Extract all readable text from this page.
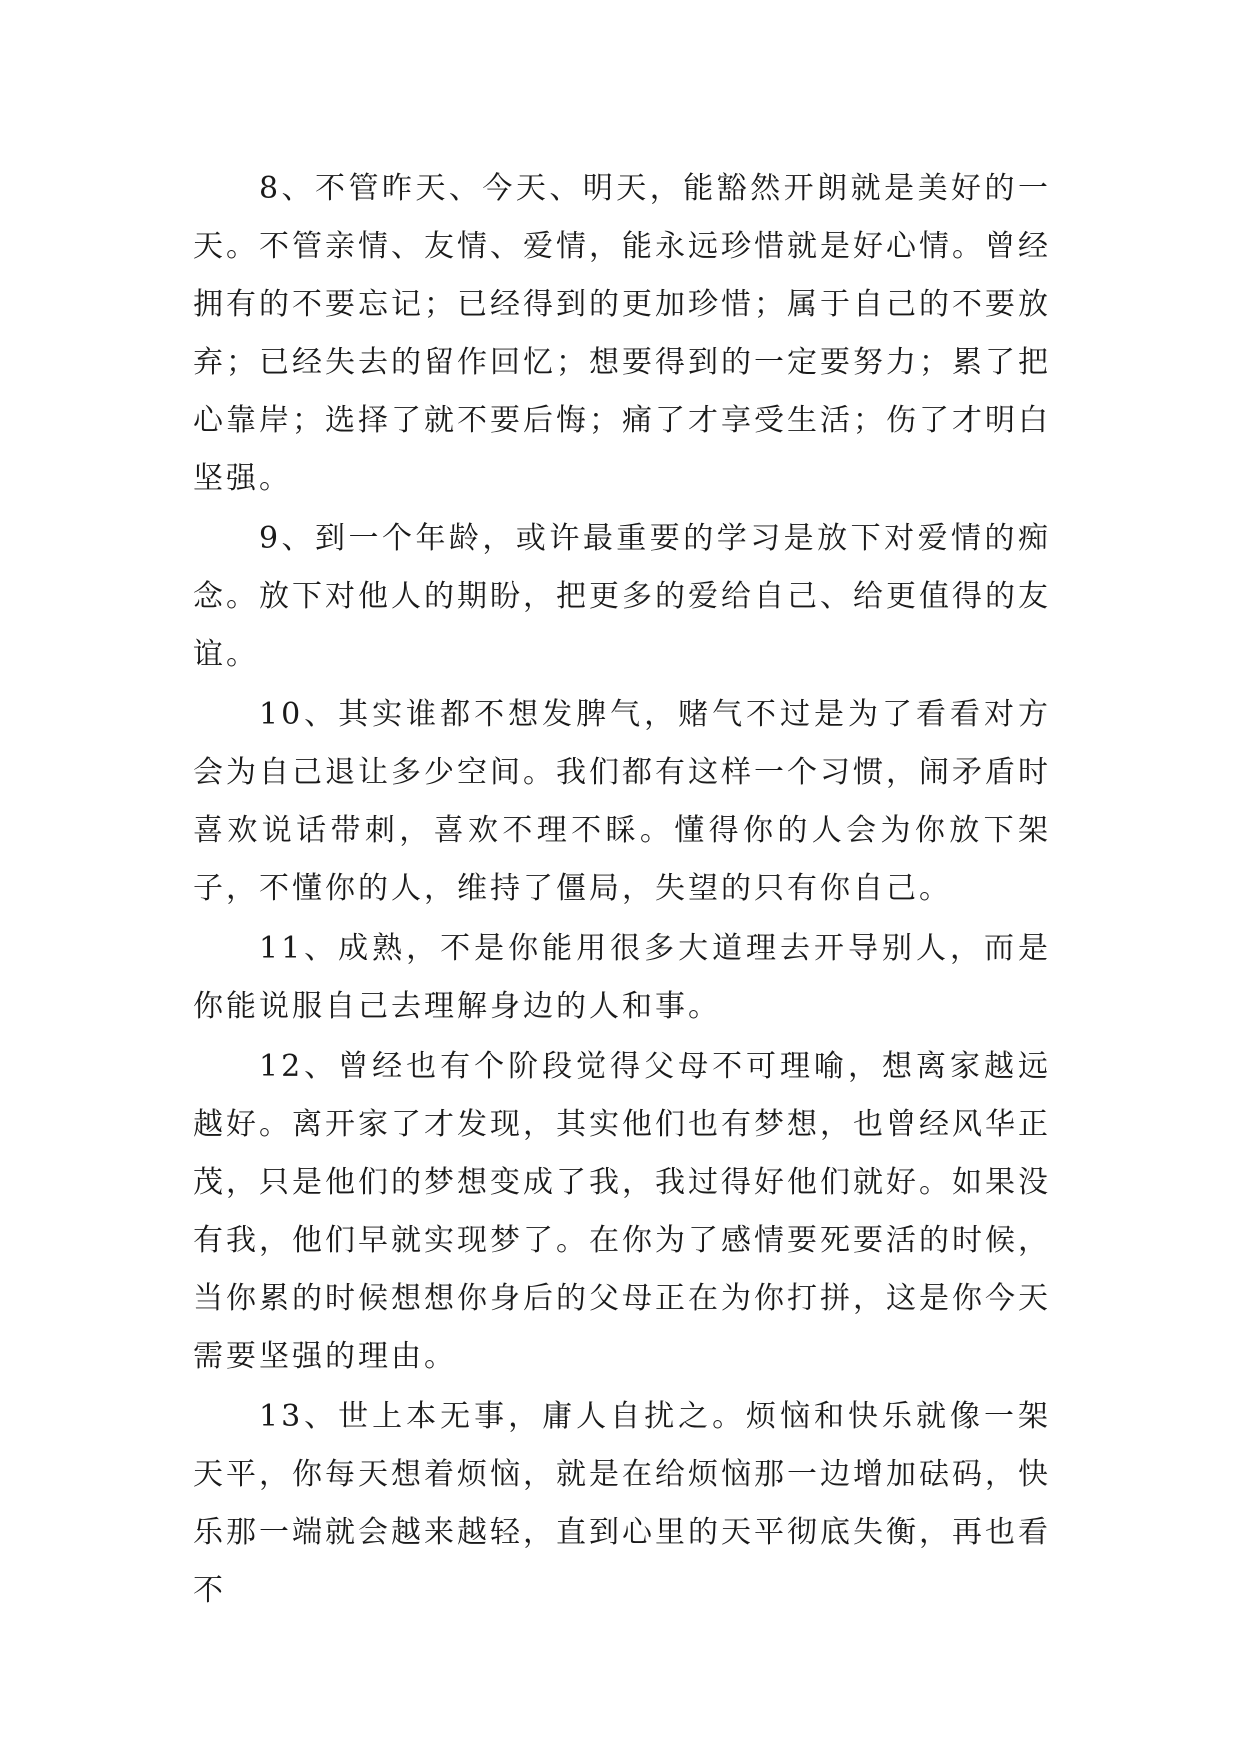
8、不管昨天、今天、明天，能豁然开朗就是美好的一天。不管亲情、友情、爱情，能永远珍惜就是好心情。曾经拥有的不要忘记；已经得到的更加珍惜；属于自己的不要放弃；已经失去的留作回忆；想要得到的一定要努力；累了把心靠岸；选择了就不要后悔；痛了才享受生活；伤了才明白坚强。

9、到一个年龄，或许最重要的学习是放下对爱情的痴念。放下对他人的期盼，把更多的爱给自己、给更值得的友谊。

10、其实谁都不想发脾气，赌气不过是为了看看对方会为自己退让多少空间。我们都有这样一个习惯，闹矛盾时喜欢说话带刺，喜欢不理不睬。懂得你的人会为你放下架子，不懂你的人，维持了僵局，失望的只有你自己。

11、成熟，不是你能用很多大道理去开导别人，而是你能说服自己去理解身边的人和事。

12、曾经也有个阶段觉得父母不可理喻，想离家越远越好。离开家了才发现，其实他们也有梦想，也曾经风华正茂，只是他们的梦想变成了我，我过得好他们就好。如果没有我，他们早就实现梦了。在你为了感情要死要活的时候，当你累的时候想想你身后的父母正在为你打拼，这是你今天需要坚强的理由。

13、世上本无事，庸人自扰之。烦恼和快乐就像一架天平，你每天想着烦恼，就是在给烦恼那一边增加砝码，快乐那一端就会越来越轻，直到心里的天平彻底失衡，再也看不
